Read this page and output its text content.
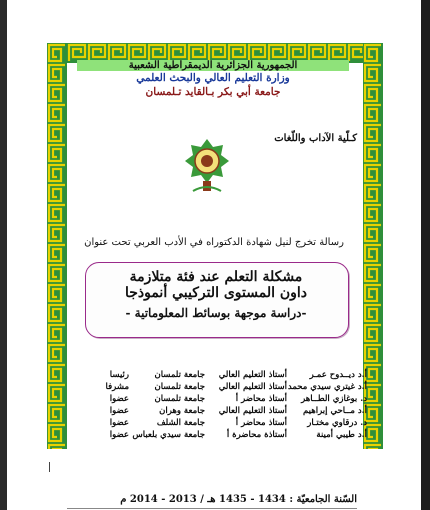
الجمهورية الجزائرية الديمقراطية الشعبية
وزارة التعليم العالي والبحث العلمي
جامعة أبي بكر بـالقايد تـلمسان
كـلّية الآداب واللّغات
رسالة تخرج لنيل شهادة الدكتوراه في الأدب العربي تحت عنوان
مشكلة التعلم عند فئة متلازمة
داون المستوى التركيبي أنموذجا
-دراسة موجهة بوسائط المعلوماتية -
أ.د ديــدوح عمـر
أستاذ التعليم العالي
جامعة تلمسان
رئيسا
أ.د غيتري سيدي محمد
أستاذ التعليم العالي
جامعة تلمسان
مشرفا
د. بوغازي الطــاهر
أستاذ محاضر أ
جامعة تلمسان
عضوا
أ.د مــاحي إبراهيم
أستاذ التعليم العالي
جامعة وهران
عضوا
د. درقاوي مختـار
أستاذ محاضر أ
جامعة الشلف
عضوا
أ.د طيبي أمينة
أستاذة محاضرة أ
جامعة سيدي بلعباس
عضوا
السّنة الجامعيّة : 1434 - 1435 هـ / 2013 - 2014 م
